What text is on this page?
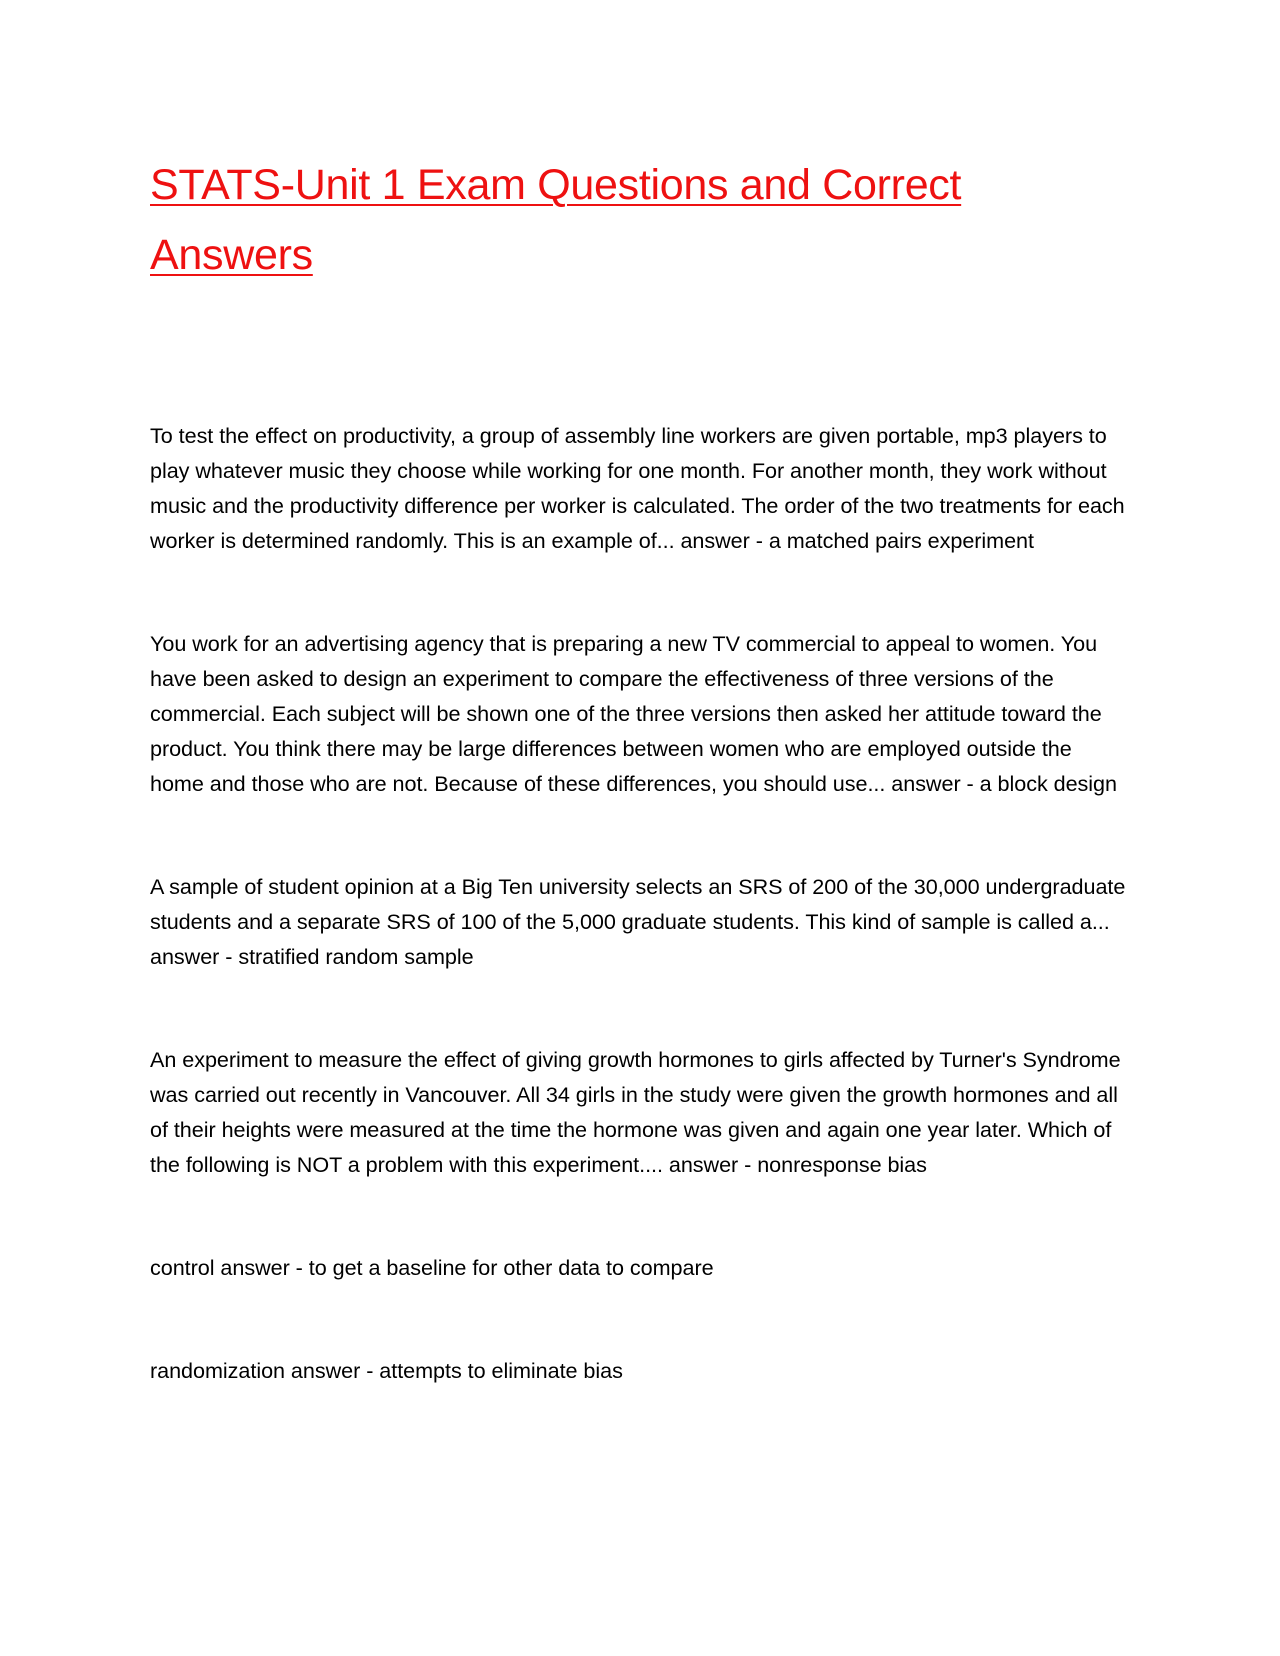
STATS-Unit 1 Exam Questions and Correct Answers

To test the effect on productivity, a group of assembly line workers are given portable, mp3 players to play whatever music they choose while working for one month. For another month, they work without music and the productivity difference per worker is calculated. The order of the two treatments for each worker is determined randomly. This is an example of... answer - a matched pairs experiment

You work for an advertising agency that is preparing a new TV commercial to appeal to women. You have been asked to design an experiment to compare the effectiveness of three versions of the commercial. Each subject will be shown one of the three versions then asked her attitude toward the product. You think there may be large differences between women who are employed outside the home and those who are not. Because of these differences, you should use... answer - a block design

A sample of student opinion at a Big Ten university selects an SRS of 200 of the 30,000 undergraduate students and a separate SRS of 100 of the 5,000 graduate students. This kind of sample is called a... answer - stratified random sample

An experiment to measure the effect of giving growth hormones to girls affected by Turner's Syndrome was carried out recently in Vancouver. All 34 girls in the study were given the growth hormones and all of their heights were measured at the time the hormone was given and again one year later. Which of the following is NOT a problem with this experiment.... answer - nonresponse bias

control answer - to get a baseline for other data to compare

randomization answer - attempts to eliminate bias
